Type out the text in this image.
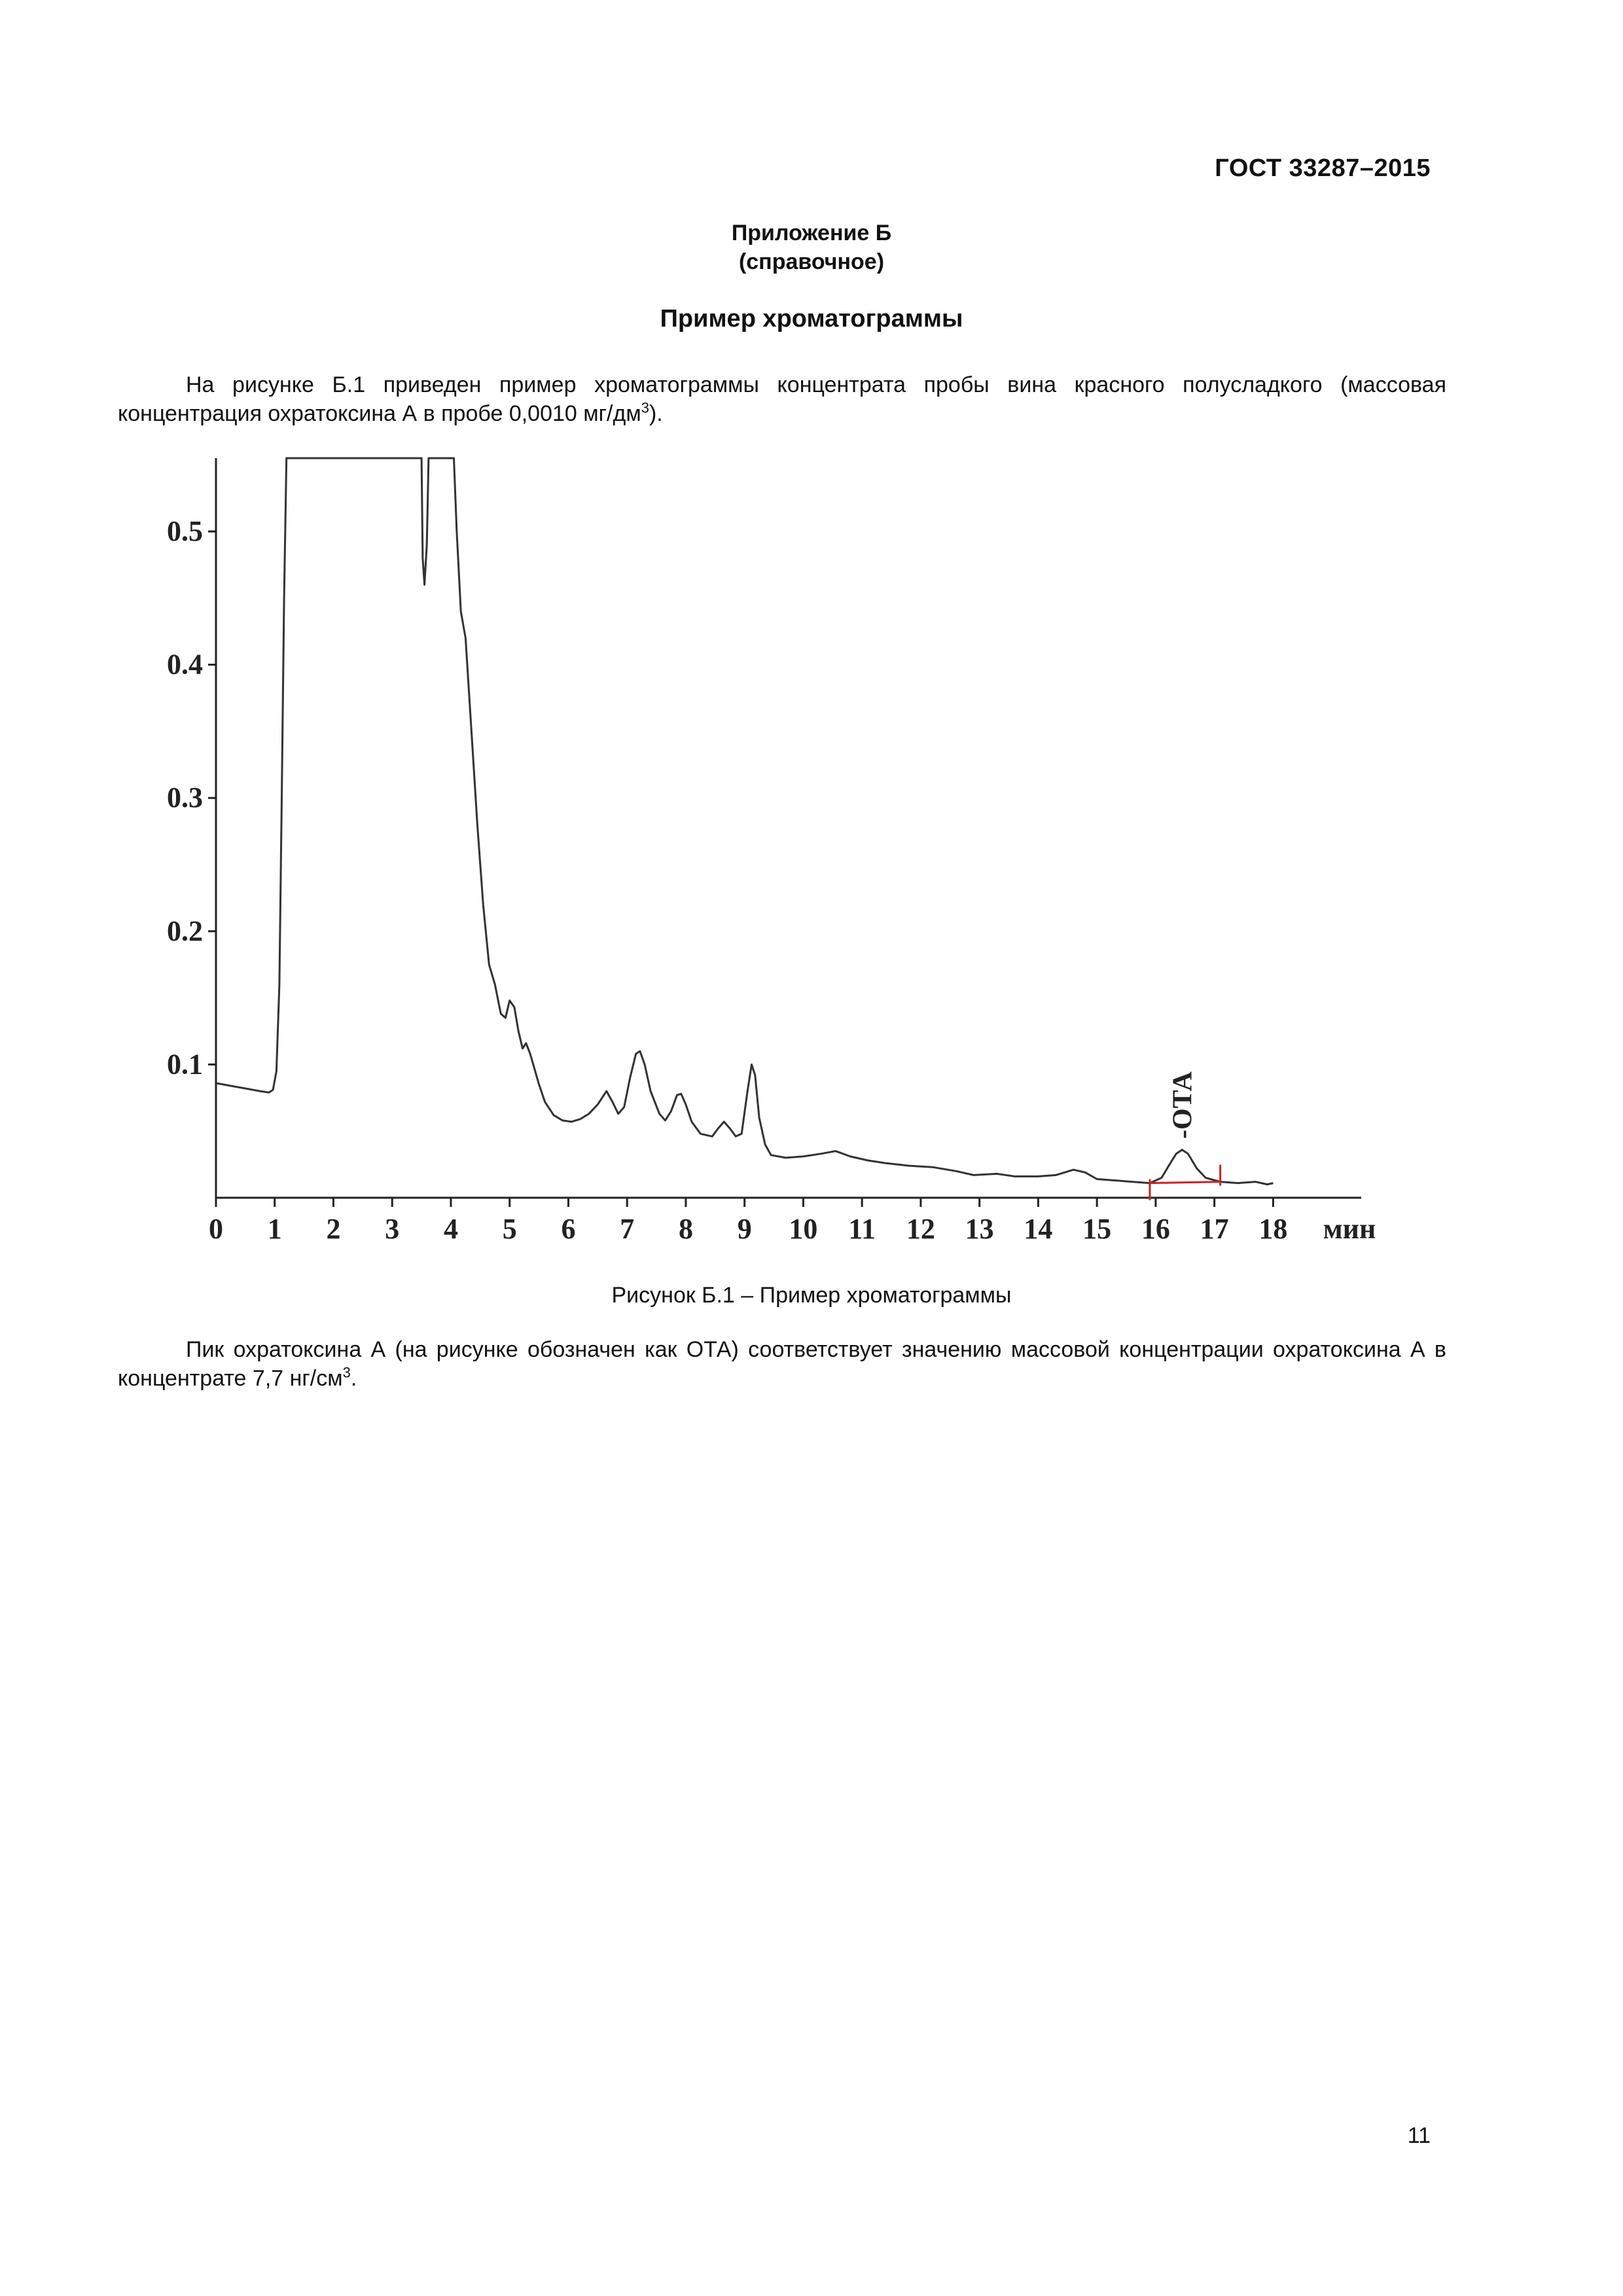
ГОСТ 33287–2015
Приложение Б
(справочное)
Пример хроматограммы
На рисунке Б.1 приведен пример хроматограммы концентрата пробы вина красного полусладкого (массовая концентрация охратоксина А в пробе 0,0010 $мг/дм^3$).
0 1 2 3 4 5 6 7 8 9 10 11 12 13 14 15 16 17 18 мин
0.1
0.2
0.3
0.4
0.5
-ОТА
Рисунок Б.1 – Пример хроматограммы
Пик охратоксина А (на рисунке обозначен как ОТА) соответствует значению массовой концентрации охратоксина А в концентрате 7,7 $нг/см^3$.
11
